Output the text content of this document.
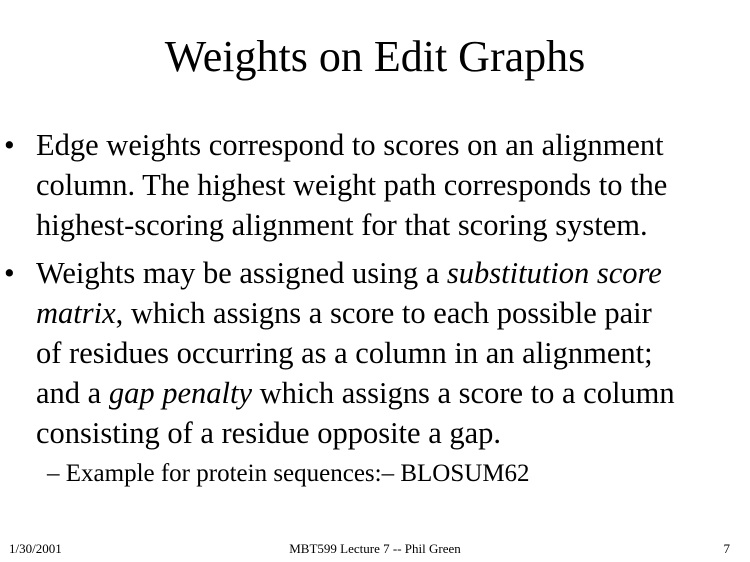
Weights on Edit Graphs
• Edge weights correspond to scores on an alignment
column. The highest weight path corresponds to the
highest-scoring alignment for that scoring system.
• Weights may be assigned using a substitution score
matrix, which assigns a score to each possible pair
of residues occurring as a column in an alignment;
and a gap penalty which assigns a score to a column
consisting of a residue opposite a gap.
– Example for protein sequences:– BLOSUM62
1/30/2001	MBT599 Lecture 7 -- Phil Green	7
